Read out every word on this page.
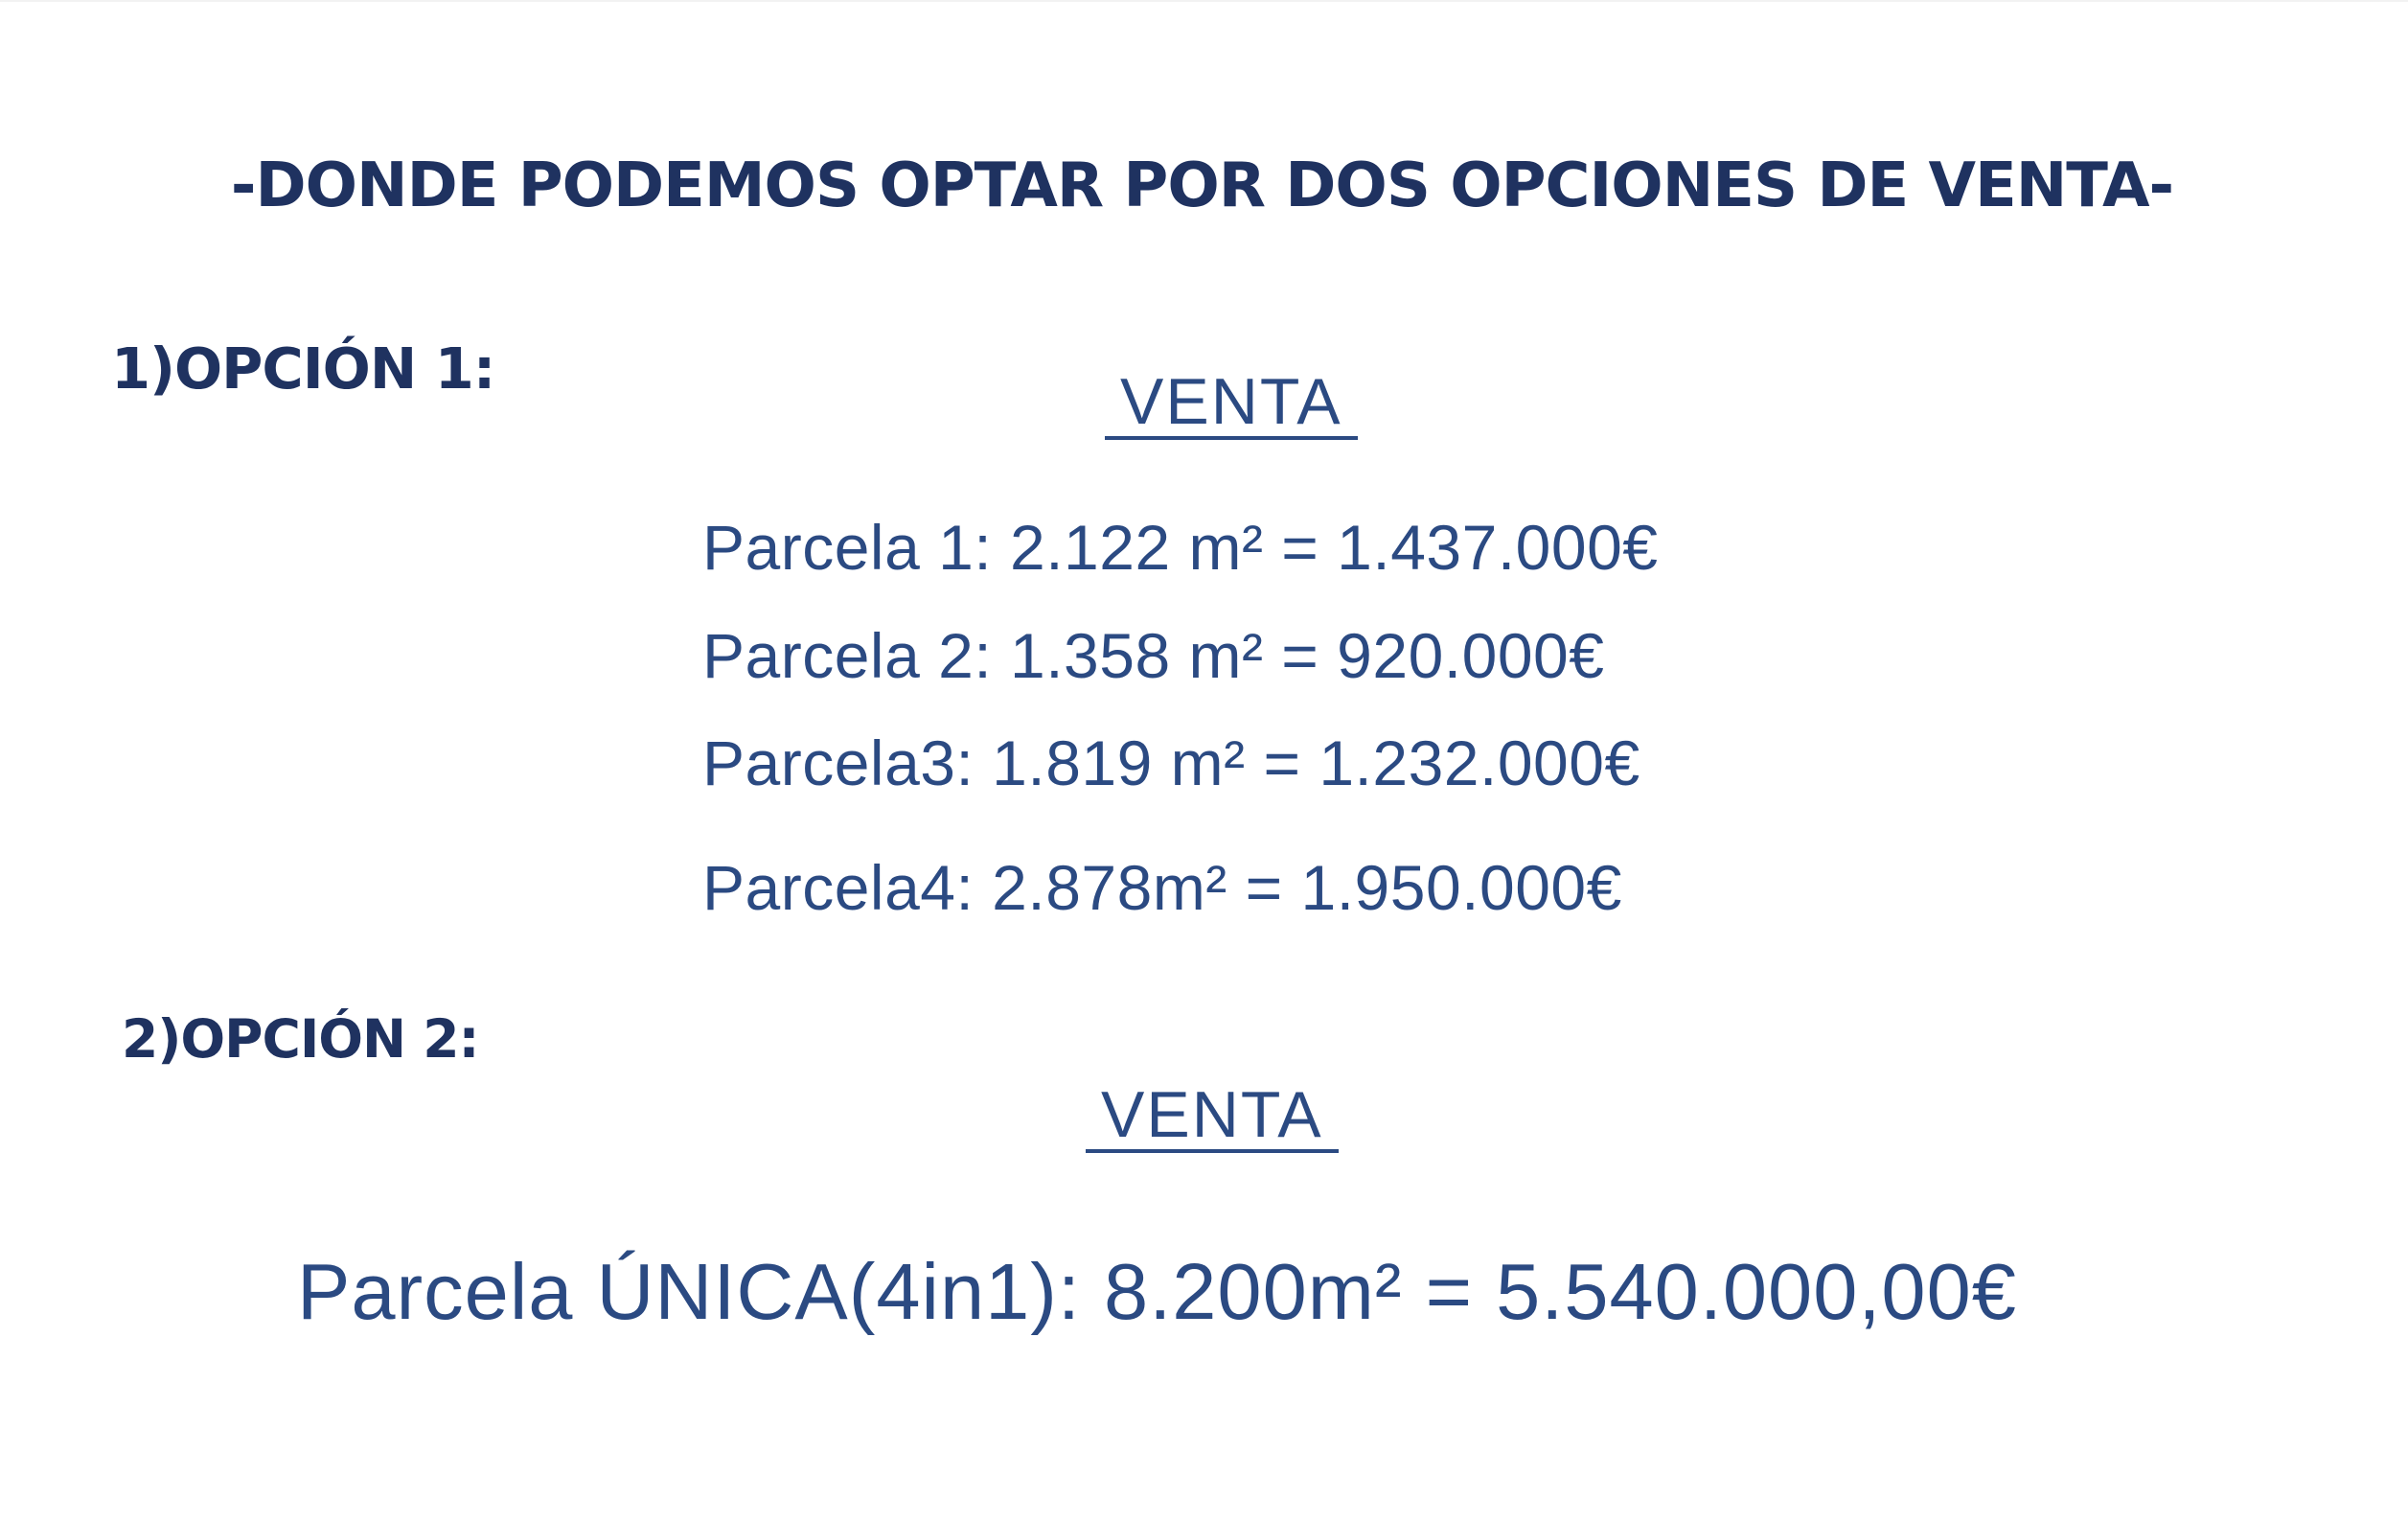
-DONDE PODEMOS OPTAR POR DOS OPCIONES DE VENTA-
1)OPCIÓN 1:	VENTA
Parcela 1: 2.122 m² = 1.437.000€
Parcela 2: 1.358 m² = 920.000€
Parcela3: 1.819 m² = 1.232.000€
Parcela4: 2.878m² = 1.950.000€
2)OPCIÓN 2:
VENTA
Parcela ÚNICA(4in1): 8.200m² = 5.540.000,00€
